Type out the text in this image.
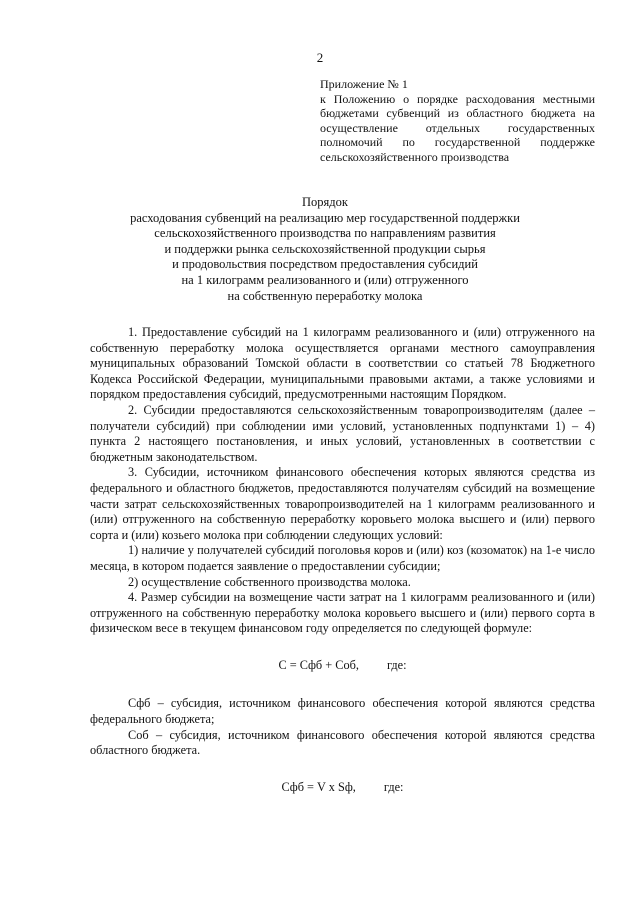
2
Приложение № 1
к Положению о порядке расходования местными бюджетами субвенций из областного бюджета на осуществление отдельных государственных полномочий по государственной поддержке сельскохозяйственного производства
Порядок
расходования субвенций на реализацию мер государственной поддержки
сельскохозяйственного производства по направлениям развития
и поддержки рынка сельскохозяйственной продукции сырья
и продовольствия посредством предоставления субсидий
на 1 килограмм реализованного и (или) отгруженного
на собственную переработку молока

1. Предоставление субсидий на 1 килограмм реализованного и (или) отгруженного на собственную переработку молока осуществляется органами местного самоуправления муниципальных образований Томской области в соответствии со статьей 78 Бюджетного Кодекса Российской Федерации, муниципальными правовыми актами, а также условиями и порядком предоставления субсидий, предусмотренными настоящим Порядком.

2. Субсидии предоставляются сельскохозяйственным товаропроизводителям (далее – получатели субсидий) при соблюдении ими условий, установленных подпунктами 1) – 4) пункта 2 настоящего постановления, и иных условий, установленных в соответствии с бюджетным законодательством.

3. Субсидии, источником финансового обеспечения которых являются средства из федерального и областного бюджетов, предоставляются получателям субсидий на возмещение части затрат сельскохозяйственных товаропроизводителей на 1 килограмм реализованного и (или) отгруженного на собственную переработку коровьего молока высшего и (или) первого сорта и (или) козьего молока при соблюдении следующих условий:

1) наличие у получателей субсидий поголовья коров и (или) коз (козоматок) на 1-е число месяца, в котором подается заявление о предоставлении субсидии;

2) осуществление собственного производства молока.

4. Размер субсидии на возмещение части затрат на 1 килограмм реализованного и (или) отгруженного на собственную переработку молока коровьего высшего и (или) первого сорта в физическом весе в текущем финансовом году определяется по следующей формуле:

С = Сфб + Соб, где:

Сфб – субсидия, источником финансового обеспечения которой являются средства федерального бюджета;

Соб – субсидия, источником финансового обеспечения которой являются средства областного бюджета.

Сфб = V х Sф, где:
